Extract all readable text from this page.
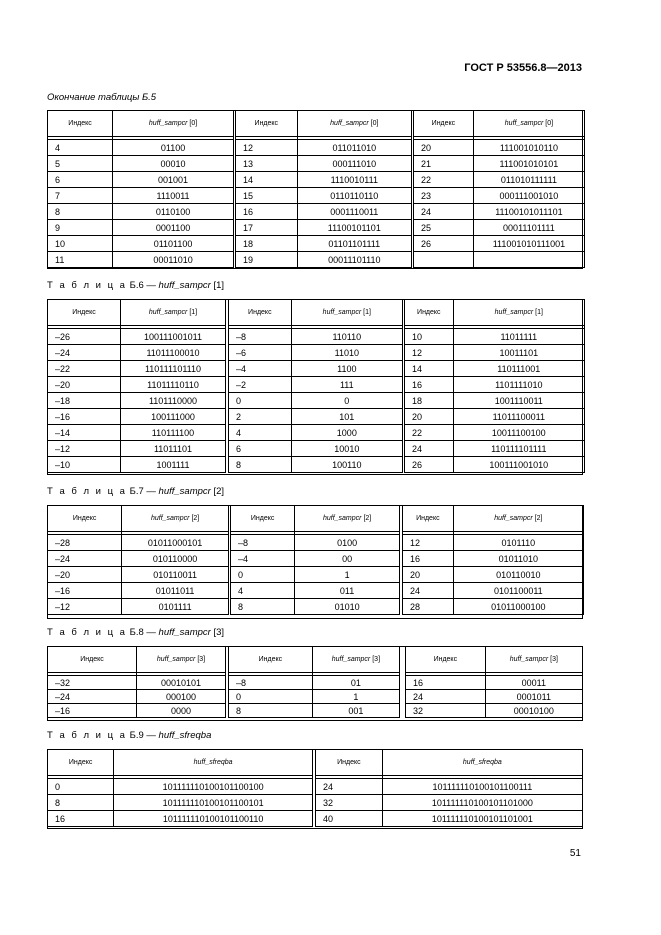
ГОСТ Р 53556.8—2013
Окончание таблицы Б.5
Индекс	huff_sampcr [0]

4	01100
5	00010
6	001001
7	1110011
8	0110100
9	0001100
10	01101100
11	00011010
Индекс	huff_sampcr [0]

12	011011010
13	000111010
14	1110010111
15	0110110110
16	0001110011
17	11100101101
18	01101101111
19	00011101110
Индекс	huff_sampcr [0]

20	111001010110
21	111001010101
22	011010111111
23	000111001010
24	11100101011101
25	00011101111
26	111001010111001

Т а б л и ц а Б.6 — huff_sampcr [1]
Индекс	huff_sampcr [1]

–26	100111001011
–24	11011100010
–22	110111101110
–20	11011110110
–18	1101110000
–16	100111000
–14	110111100
–12	11011101
–10	1001111
Индекс	huff_sampcr [1]

–8	110110
–6	11010
–4	1100
–2	111
0	0
2	101
4	1000
6	10010
8	100110
Индекс	huff_sampcr [1]

10	11011111
12	10011101
14	110111001
16	1101111010
18	1001110011
20	11011100011
22	10011100100
24	110111101111
26	100111001010
Т а б л и ц а Б.7 — huff_sampcr [2]
Индекс	huff_sampcr [2]

–28	01011000101
–24	010110000
–20	010110011
–16	01011011
–12	0101111
Индекс	huff_sampcr [2]

–8	0100
–4	00
0	1
4	011
8	01010
Индекс	huff_sampcr [2]

12	0101110
16	01011010
20	010110010
24	0101100011
28	01011000100
Т а б л и ц а Б.8 — huff_sampcr [3]
Индекс	huff_sampcr [3]

–32	00010101
–24	000100
–16	0000
Индекс	huff_sampcr [3]

–8	01
0	1
8	001
Индекс	huff_sampcr [3]

16	00011
24	0001011
32	00010100
Т а б л и ц а Б.9 — huff_sfreqba
Индекс	huff_sfreqba

0	101111110100101100100
8	101111110100101100101
16	101111110100101100110
Индекс	huff_sfreqba

24	101111110100101100111
32	101111110100101101000
40	101111110100101101001
51
